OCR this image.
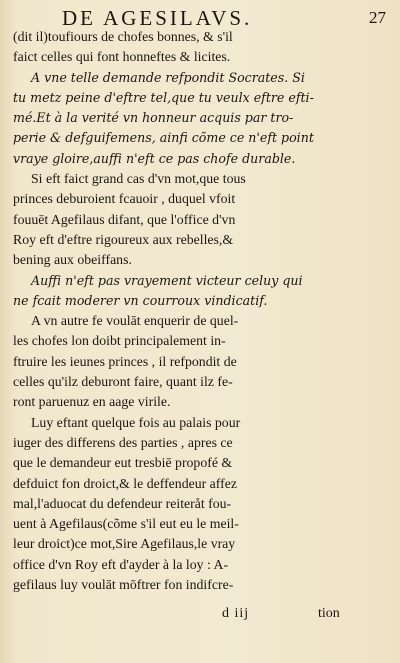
DE AGESILAVS.	27
(dit il)toufiours de chofes bonnes, & s'il
faict celles qui font honneftes & licites.
A vne telle demande refpondit Socrates. Si
tu metz peine d'eftre tel,que tu veulx eftre efti-
mé.Et à la verité vn honneur acquis par tro-
perie & defguifemens, ainfi cõme ce n'eft point
vraye gloire,auffi n'eft ce pas chofe durable.
Si eft faict grand cas d'vn mot,que tous
princes deburoient fcauoir , duquel vfoit
fouuēt Agefilaus difant, que l'office d'vn
Roy eft d'eftre rigoureux aux rebelles,&
bening aux obeiffans.
Auffi n'eft pas vrayement victeur celuy qui
ne fcait moderer vn courroux vindicatif.
A vn autre fe voulāt enquerir de quel-
les chofes lon doibt principalement in-
ftruire les ieunes princes , il refpondit de
celles qu'ilz deburont faire, quant ilz fe-
ront paruenuz en aage virile.
Luy eftant quelque fois au palais pour
iuger des differens des parties , apres ce
que le demandeur eut tresbiē propofé &
defduict fon droict,& le deffendeur affez
mal,l'aduocat du defendeur reiteråt fou-
uent à Agefilaus(cõme s'il eut eu le meil-
leur droict)ce mot,Sire Agefilaus,le vray
office d'vn Roy eft d'ayder à la loy : A-
gefilaus luy voulāt mōftrer fon indifcre-
d iij	tion
